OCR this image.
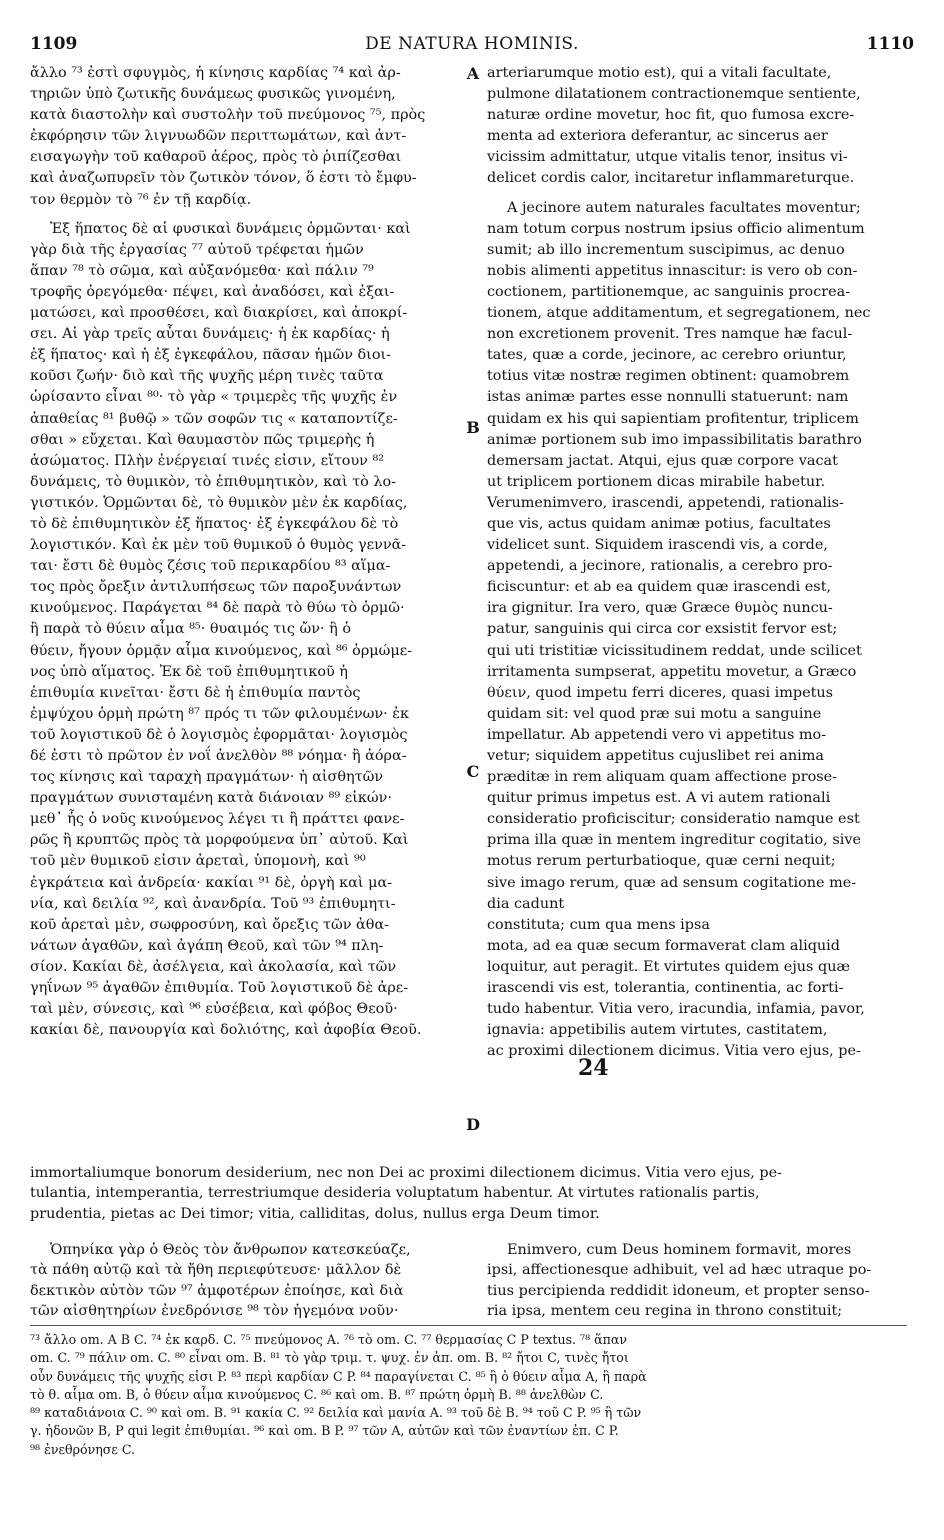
1109	DE NATURA HOMINIS.	1110

ἄλλο ⁷³ ἐστὶ σφυγμὸς, ἡ κίνησις καρδίας ⁷⁴ καὶ ἀρ-
τηριῶν ὑπὸ ζωτικῆς δυνάμεως φυσικῶς γινομένη,
κατὰ διαστολὴν καὶ συστολὴν τοῦ πνεύμονος ⁷⁵, πρὸς
ἐκφόρησιν τῶν λιγνυωδῶν περιττωμάτων, καὶ ἀντ-
εισαγωγὴν τοῦ καθαροῦ ἀέρος, πρὸς τὸ ῥιπίζεσθαι
καὶ ἀναζωπυρεῖν τὸν ζωτικὸν τόνον, ὅ ἐστι τὸ ἔμφυ-
τον θερμὸν τὸ ⁷⁶ ἐν τῇ καρδίᾳ.

Ἐξ ἥπατος δὲ αἱ φυσικαὶ δυνάμεις ὁρμῶνται· καὶ
γὰρ διὰ τῆς ἐργασίας ⁷⁷ αὐτοῦ τρέφεται ἡμῶν
ἅπαν ⁷⁸ τὸ σῶμα, καὶ αὐξανόμεθα· καὶ πάλιν ⁷⁹
τροφῆς ὀρεγόμεθα· πέψει, καὶ ἀναδόσει, καὶ ἐξαι-
ματώσει, καὶ προσθέσει, καὶ διακρίσει, καὶ ἀποκρί-
σει. Αἱ γὰρ τρεῖς αὗται δυνάμεις· ἡ ἐκ καρδίας· ἡ
ἐξ ἥπατος· καὶ ἡ ἐξ ἐγκεφάλου, πᾶσαν ἡμῶν διοι-
κοῦσι ζωήν· διὸ καὶ τῆς ψυχῆς μέρη τινὲς ταῦτα
ὡρίσαντο εἶναι ⁸⁰· τὸ γὰρ « τριμερὲς τῆς ψυχῆς ἐν
ἀπαθείας ⁸¹ βυθῷ » τῶν σοφῶν τις « καταποντίζε-
σθαι » εὔχεται. Καὶ θαυμαστὸν πῶς τριμερὴς ἡ
ἀσώματος. Πλὴν ἐνέργειαί τινές εἰσιν, εἴτουν ⁸²
δυνάμεις, τὸ θυμικὸν, τὸ ἐπιθυμητικὸν, καὶ τὸ λο-
γιστικόν. Ὁρμῶνται δὲ, τὸ θυμικὸν μὲν ἐκ καρδίας,
τὸ δὲ ἐπιθυμητικὸν ἐξ ἥπατος· ἐξ ἐγκεφάλου δὲ τὸ
λογιστικόν. Καὶ ἐκ μὲν τοῦ θυμικοῦ ὁ θυμὸς γεννᾶ-
ται· ἔστι δὲ θυμὸς ζέσις τοῦ περικαρδίου ⁸³ αἵμα-
τος πρὸς ὄρεξιν ἀντιλυπήσεως τῶν παροξυνάντων
κινούμενος. Παράγεται ⁸⁴ δὲ παρὰ τὸ θύω τὸ ὁρμῶ·
ἢ παρὰ τὸ θύειν αἷμα ⁸⁵· θυαιμός τις ὤν· ἢ ὁ
θύειν, ἤγουν ὁρμᾷν αἷμα κινούμενος, καὶ ⁸⁶ ὁρμώμε-
νος ὑπὸ αἵματος. Ἐκ δὲ τοῦ ἐπιθυμητικοῦ ἡ
ἐπιθυμία κινεῖται· ἔστι δὲ ἡ ἐπιθυμία παντὸς
ἐμψύχου ὁρμὴ πρώτη ⁸⁷ πρός τι τῶν φιλουμένων· ἐκ
τοῦ λογιστικοῦ δὲ ὁ λογισμὸς ἐφορμᾶται· λογισμὸς
δέ ἐστι τὸ πρῶτον ἐν νοΐ ἀνελθὸν ⁸⁸ νόημα· ἢ ἀόρα-
τος κίνησις καὶ ταραχὴ πραγμάτων· ἡ αἰσθητῶν
πραγμάτων συνισταμένη κατὰ διάνοιαν ⁸⁹ εἰκών·
μεθ᾽ ἧς ὁ νοῦς κινούμενος λέγει τι ἢ πράττει φανε-
ρῶς ἢ κρυπτῶς πρὸς τὰ μορφούμενα ὑπ᾽ αὐτοῦ. Καὶ
τοῦ μὲν θυμικοῦ εἰσιν ἀρεταὶ, ὑπομονὴ, καὶ ⁹⁰
ἐγκράτεια καὶ ἀνδρεία· κακίαι ⁹¹ δὲ, ὀργὴ καὶ μα-
νία, καὶ δειλία ⁹², καὶ ἀνανδρία. Τοῦ ⁹³ ἐπιθυμητι-
κοῦ ἀρεταὶ μὲν, σωφροσύνη, καὶ ὄρεξις τῶν ἀθα-
νάτων ἀγαθῶν, καὶ ἀγάπη Θεοῦ, καὶ τῶν ⁹⁴ πλη-
σίον. Κακίαι δὲ, ἀσέλγεια, καὶ ἀκολασία, καὶ τῶν
γηΐνων ⁹⁵ ἀγαθῶν ἐπιθυμία. Τοῦ λογιστικοῦ δὲ ἀρε-
ταὶ μὲν, σύνεσις, καὶ ⁹⁶ εὐσέβεια, καὶ φόβος Θεοῦ·
κακίαι δὲ, πανουργία καὶ δολιότης, καὶ ἀφοβία Θεοῦ.

A
B
C
D

arteriarumque motio est), qui a vitali facultate,
pulmone dilatationem contractionemque sentiente,
naturæ ordine movetur, hoc fit, quo fumosa excre-
menta ad exteriora deferantur, ac sincerus aer
vicissim admittatur, utque vitalis tenor, insitus vi-
delicet cordis calor, incitaretur inflammareturque.

A jecinore autem naturales facultates moventur;
nam totum corpus nostrum ipsius officio alimentum
sumit; ab illo incrementum suscipimus, ac denuo
nobis alimenti appetitus innascitur: is vero ob con-
coctionem, partitionemque, ac sanguinis procrea-
tionem, atque additamentum, et segregationem, nec
non excretionem provenit. Tres namque hæ facul-
tates, quæ a corde, jecinore, ac cerebro oriuntur,
totius vitæ nostræ regimen obtinent: quamobrem
istas animæ partes esse nonnulli statuerunt: nam
quidam ex his qui sapientiam profitentur, triplicem
animæ portionem sub imo impassibilitatis barathro
demersam jactat. Atqui, ejus quæ corpore vacat
ut triplicem portionem dicas mirabile habetur.
Verumenimvero, irascendi, appetendi, rationalis-
que vis, actus quidam animæ potius, facultates
videlicet sunt. Siquidem irascendi vis, a corde,
appetendi, a jecinore, rationalis, a cerebro pro-
ficiscuntur: et ab ea quidem quæ irascendi est,
ira gignitur. Ira vero, quæ Græce θυμὸς nuncu-
patur, sanguinis qui circa cor exsistit fervor est;
qui uti tristitiæ vicissitudinem reddat, unde scilicet
irritamenta sumpserat, appetitu movetur, a Græco
θύειν, quod impetu ferri diceres, quasi impetus
quidam sit: vel quod præ sui motu a sanguine
impellatur. Ab appetendi vero vi appetitus mo-
vetur; siquidem appetitus cujuslibet rei anima
præditæ in rem aliquam quam affectione prose-
quitur primus impetus est. A vi autem rationali
consideratio proficiscitur; consideratio namque est
prima illa quæ in mentem ingreditur cogitatio, sive
motus rerum perturbatioque, quæ cerni nequit;
sive imago rerum, quæ ad sensum cogitatione me-
dia cadunt

constituta; cum qua mens ipsa
mota, ad ea quæ secum formaverat clam aliquid
loquitur, aut peragit. Et virtutes quidem ejus quæ
irascendi vis est, tolerantia, continentia, ac forti-
tudo habentur. Vitia vero, iracundia, infamia, pavor,
ignavia: appetibilis autem virtutes, castitatem,
ac proximi dilectionem dicimus. Vitia vero ejus, pe-

24

immortaliumque bonorum desiderium, nec non Dei ac proximi dilectionem dicimus. Vitia vero ejus, pe-

tulantia, intemperantia, terrestriumque desideria voluptatum habentur. At virtutes rationalis partis,

prudentia, pietas ac Dei timor; vitia, calliditas, dolus, nullus erga Deum timor.

Ὁπηνίκα γὰρ ὁ Θεὸς τὸν ἄνθρωπον κατεσκεύαζε,
τὰ πάθη αὐτῷ καὶ τὰ ἤθη περιεφύτευσε· μᾶλλον δὲ
δεκτικὸν αὐτὸν τῶν ⁹⁷ ἀμφοτέρων ἐποίησε, καὶ διὰ
τῶν αἰσθητηρίων ἐνεδρόνισε ⁹⁸ τὸν ἡγεμόνα νοῦν·

Enimvero, cum Deus hominem formavit, mores
ipsi, affectionesque adhibuit, vel ad hæc utraque po-
tius percipienda reddidit idoneum, et propter senso-
ria ipsa, mentem ceu regina in throno constituit;

⁷³ ἄλλο om. A B C. ⁷⁴ ἐκ καρδ. C. ⁷⁵ πνεύμονος A. ⁷⁶ τὸ om. C. ⁷⁷ θερμασίας C P textus. ⁷⁸ ἅπαν
om. C. ⁷⁹ πάλιν om. C. ⁸⁰ εἶναι om. B. ⁸¹ τὸ γὰρ τριμ. τ. ψυχ. ἐν ἀπ. om. B. ⁸² ἤτοι C, τινὲς ἤτοι
οὖν δυνάμεις τῆς ψυχῆς εἰσι P. ⁸³ περὶ καρδίαν C P. ⁸⁴ παραγίνεται C. ⁸⁵ ἢ ὁ θύειν αἷμα A, ἢ παρὰ
τὸ θ. αἷμα om. B, ὁ θύειν αἷμα κινούμενος C. ⁸⁶ καὶ om. B. ⁸⁷ πρώτη ὁρμὴ B. ⁸⁸ ἀνελθὼν C.
⁸⁹ καταδιάνοια C. ⁹⁰ καὶ om. B. ⁹¹ κακία C. ⁹² δειλία καὶ μανία A. ⁹³ τοῦ δὲ B. ⁹⁴ τοῦ C P. ⁹⁵ ἢ τῶν
γ. ἡδονῶν B, P qui legit ἐπιθυμίαι. ⁹⁶ καὶ om. B P. ⁹⁷ τῶν A, αὐτῶν καὶ τῶν ἐναντίων ἐπ. C P.
⁹⁸ ἐνεθρόνησε C.
